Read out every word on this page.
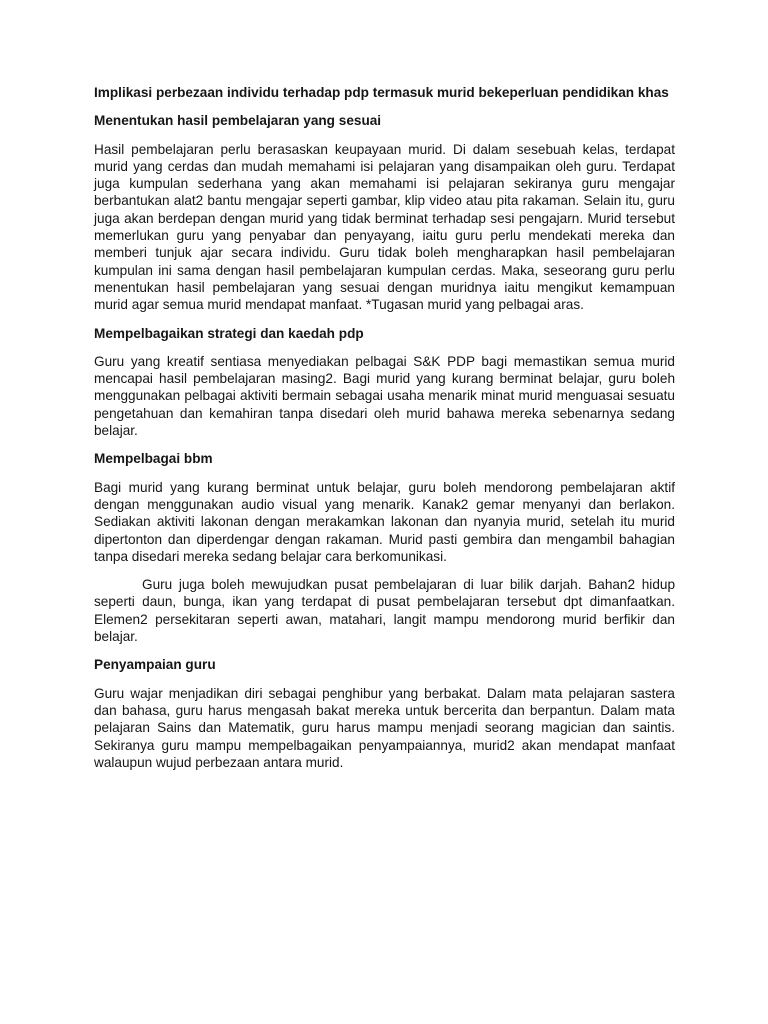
Implikasi perbezaan individu terhadap pdp termasuk murid bekeperluan pendidikan khas

Menentukan hasil pembelajaran yang sesuai

Hasil pembelajaran perlu berasaskan keupayaan murid. Di dalam sesebuah kelas, terdapat murid yang cerdas dan mudah memahami isi pelajaran yang disampaikan oleh guru. Terdapat juga kumpulan sederhana yang akan memahami isi pelajaran sekiranya guru mengajar berbantukan alat2 bantu mengajar seperti gambar, klip video atau pita rakaman. Selain itu, guru juga akan berdepan dengan murid yang tidak berminat terhadap sesi pengajarn. Murid tersebut memerlukan guru yang penyabar dan penyayang, iaitu guru perlu mendekati mereka dan memberi tunjuk ajar secara individu. Guru tidak boleh mengharapkan hasil pembelajaran kumpulan ini sama dengan hasil pembelajaran kumpulan cerdas. Maka, seseorang guru perlu menentukan hasil pembelajaran yang sesuai dengan muridnya iaitu mengikut kemampuan murid agar semua murid mendapat manfaat. *Tugasan murid yang pelbagai aras.

Mempelbagaikan strategi dan kaedah pdp

Guru yang kreatif sentiasa menyediakan pelbagai S&K PDP bagi memastikan semua murid mencapai hasil pembelajaran masing2. Bagi murid yang kurang berminat belajar, guru boleh menggunakan pelbagai aktiviti bermain sebagai usaha menarik minat murid menguasai sesuatu pengetahuan dan kemahiran tanpa disedari oleh murid bahawa mereka sebenarnya sedang belajar.

Mempelbagai bbm

Bagi murid yang kurang berminat untuk belajar, guru boleh mendorong pembelajaran aktif dengan menggunakan audio visual yang menarik. Kanak2 gemar menyanyi dan berlakon. Sediakan aktiviti lakonan dengan merakamkan lakonan dan nyanyia murid, setelah itu murid dipertonton dan diperdengar dengan rakaman. Murid pasti gembira dan mengambil bahagian tanpa disedari mereka sedang belajar cara berkomunikasi.

Guru juga boleh mewujudkan pusat pembelajaran di luar bilik darjah. Bahan2 hidup seperti daun, bunga, ikan yang terdapat di pusat pembelajaran tersebut dpt dimanfaatkan. Elemen2 persekitaran seperti awan, matahari, langit mampu mendorong murid berfikir dan belajar.

Penyampaian guru

Guru wajar menjadikan diri sebagai penghibur yang berbakat. Dalam mata pelajaran sastera dan bahasa, guru harus mengasah bakat mereka untuk bercerita dan berpantun. Dalam mata pelajaran Sains dan Matematik, guru harus mampu menjadi seorang magician dan saintis. Sekiranya guru mampu mempelbagaikan penyampaiannya, murid2 akan mendapat manfaat walaupun wujud perbezaan antara murid.
